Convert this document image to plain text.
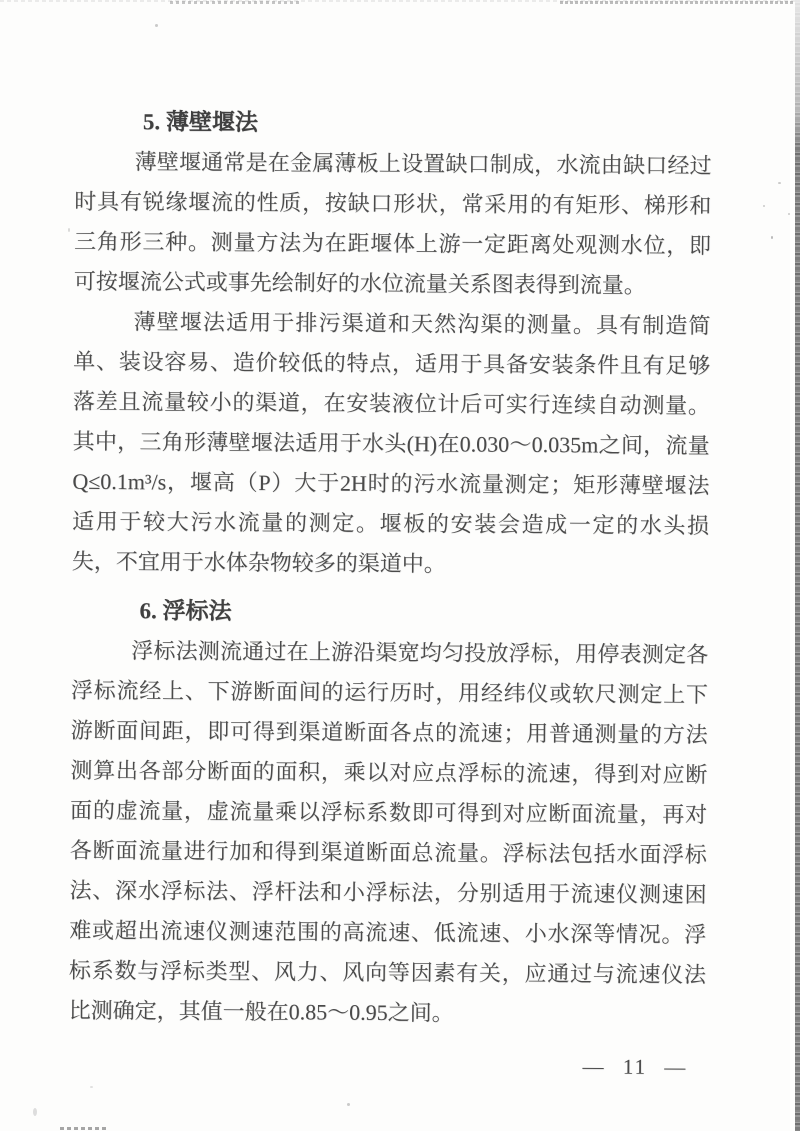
5. 薄壁堰法

薄壁堰通常是在金属薄板上设置缺口制成，水流由缺口经过时具有锐缘堰流的性质，按缺口形状，常采用的有矩形、梯形和三角形三种。测量方法为在距堰体上游一定距离处观测水位，即可按堰流公式或事先绘制好的水位流量关系图表得到流量。

薄壁堰法适用于排污渠道和天然沟渠的测量。具有制造简单、装设容易、造价较低的特点，适用于具备安装条件且有足够落差且流量较小的渠道，在安装液位计后可实行连续自动测量。其中，三角形薄壁堰法适用于水头(H)在0.030～0.035m之间，流量Q≤0.1m³/s，堰高（P）大于2H时的污水流量测定；矩形薄壁堰法适用于较大污水流量的测定。堰板的安装会造成一定的水头损失，不宜用于水体杂物较多的渠道中。

6. 浮标法

浮标法测流通过在上游沿渠宽均匀投放浮标，用停表测定各浮标流经上、下游断面间的运行历时，用经纬仪或软尺测定上下游断面间距，即可得到渠道断面各点的流速；用普通测量的方法测算出各部分断面的面积，乘以对应点浮标的流速，得到对应断面的虚流量，虚流量乘以浮标系数即可得到对应断面流量，再对各断面流量进行加和得到渠道断面总流量。浮标法包括水面浮标法、深水浮标法、浮杆法和小浮标法，分别适用于流速仪测速困难或超出流速仪测速范围的高流速、低流速、小水深等情况。浮标系数与浮标类型、风力、风向等因素有关，应通过与流速仪法比测确定，其值一般在0.85～0.95之间。

— 11 —
